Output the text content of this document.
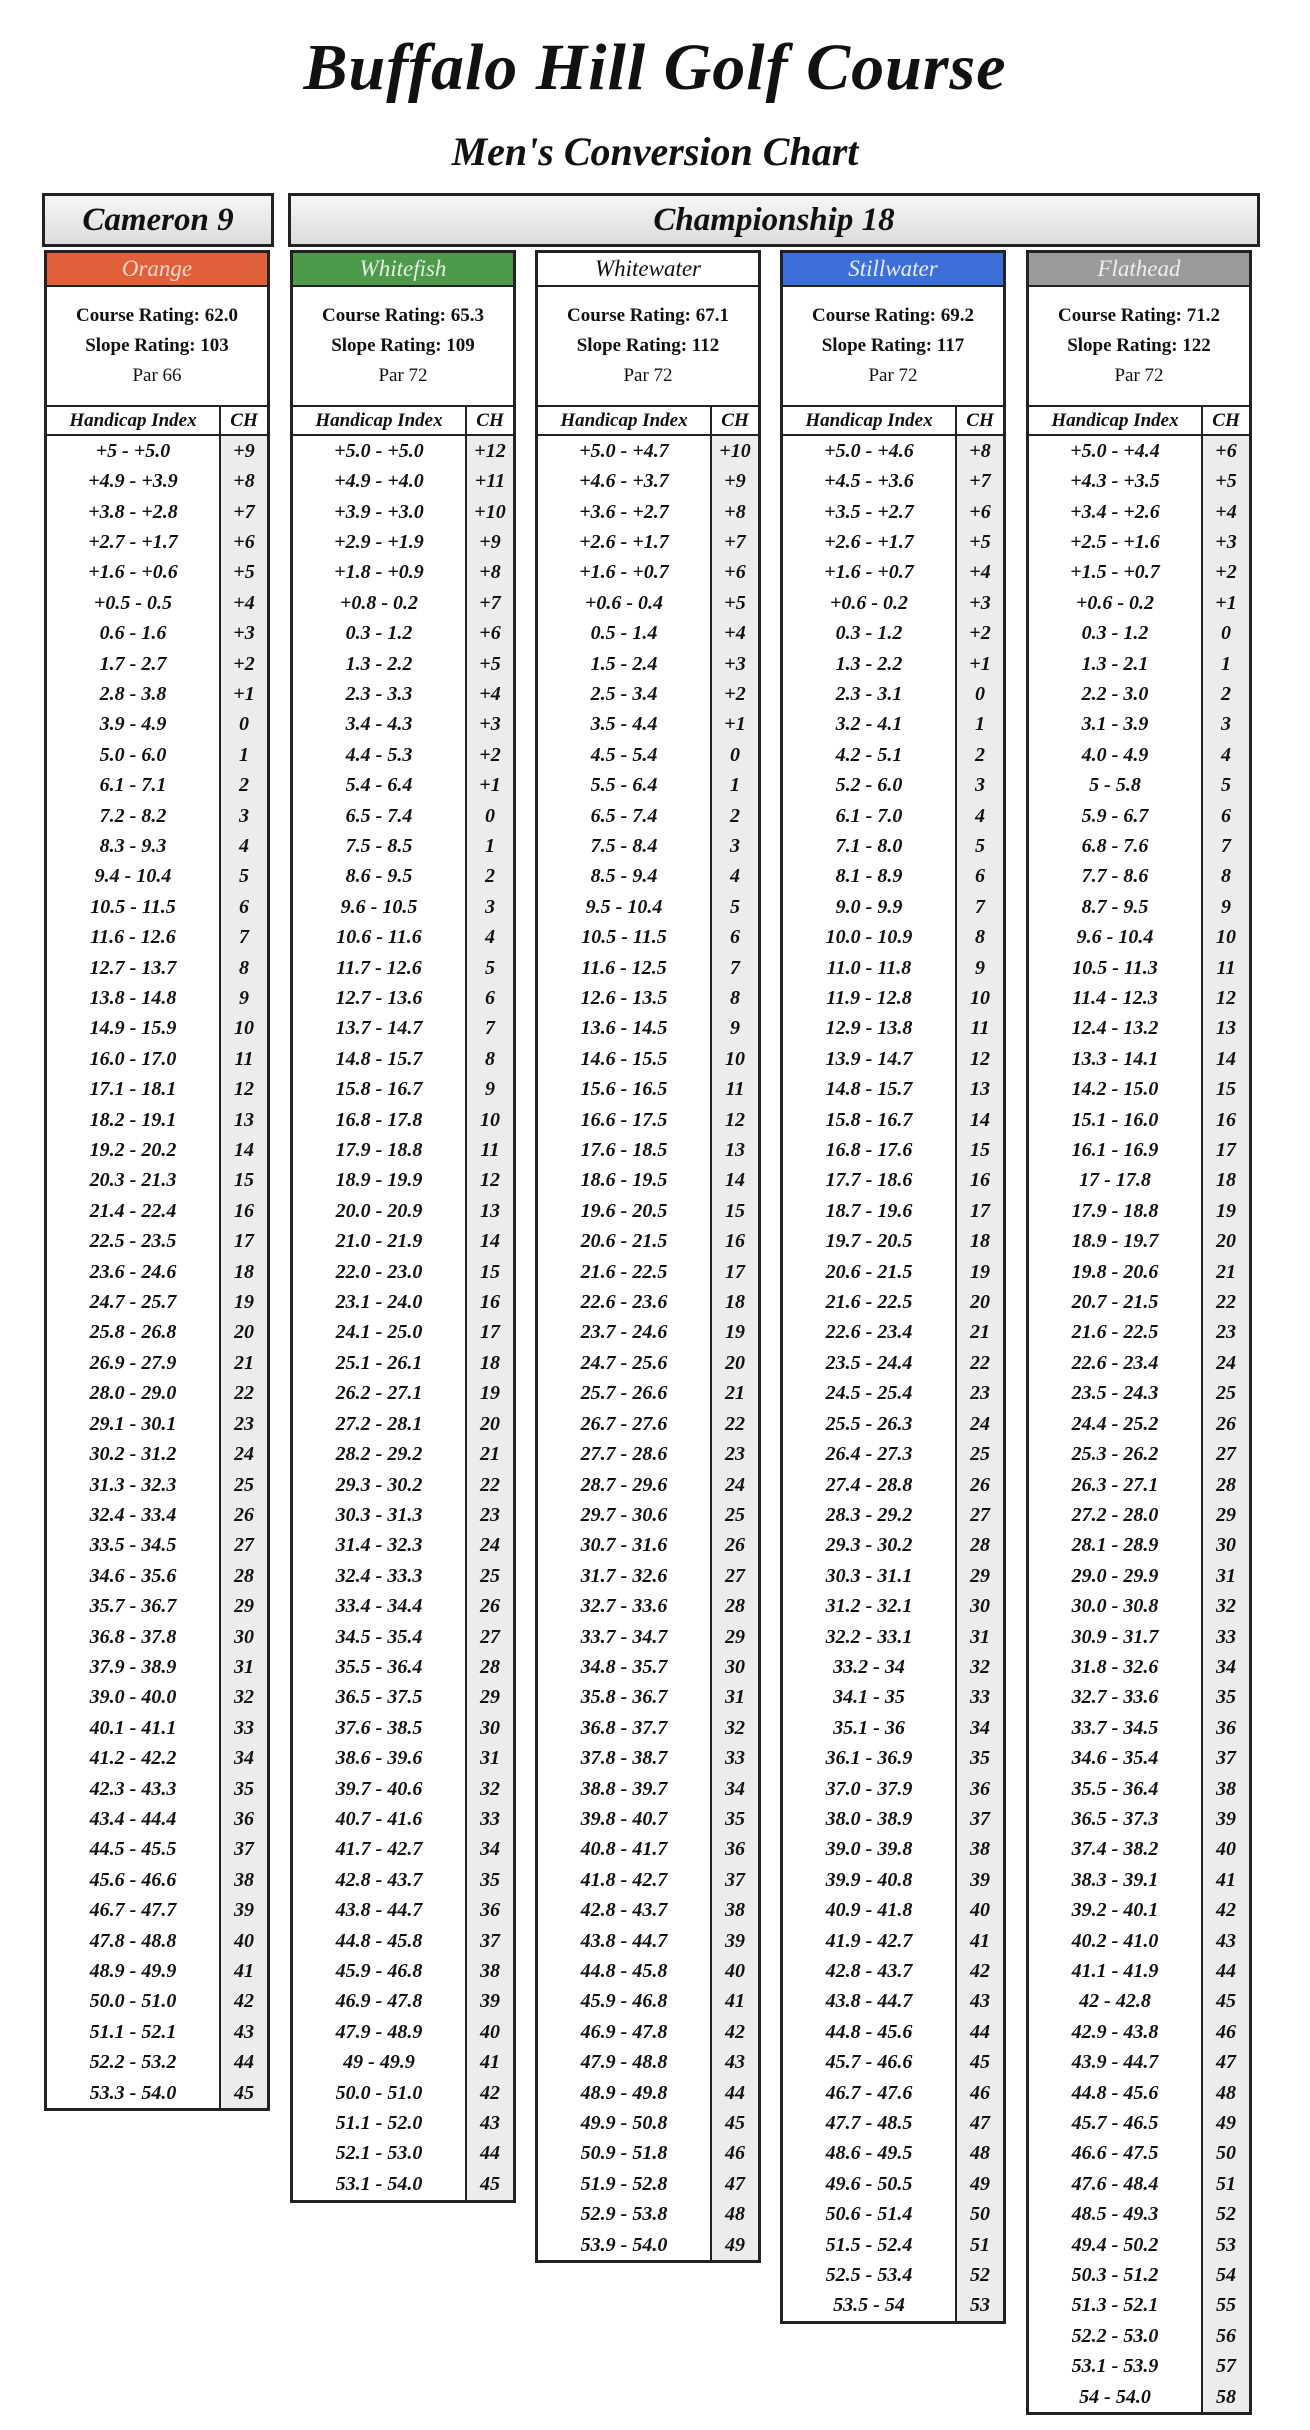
Buffalo Hill Golf Course
Men's Conversion Chart
Cameron 9	Championship 18
Orange
Course Rating: 62.0
Slope Rating: 103
Par 66
Handicap Index	CH
+5 - +5.0	+9
+4.9 - +3.9	+8
+3.8 - +2.8	+7
+2.7 - +1.7	+6
+1.6 - +0.6	+5
+0.5 - 0.5	+4
0.6 - 1.6	+3
1.7 - 2.7	+2
2.8 - 3.8	+1
3.9 - 4.9	0
5.0 - 6.0	1
6.1 - 7.1	2
7.2 - 8.2	3
8.3 - 9.3	4
9.4 - 10.4	5
10.5 - 11.5	6
11.6 - 12.6	7
12.7 - 13.7	8
13.8 - 14.8	9
14.9 - 15.9	10
16.0 - 17.0	11
17.1 - 18.1	12
18.2 - 19.1	13
19.2 - 20.2	14
20.3 - 21.3	15
21.4 - 22.4	16
22.5 - 23.5	17
23.6 - 24.6	18
24.7 - 25.7	19
25.8 - 26.8	20
26.9 - 27.9	21
28.0 - 29.0	22
29.1 - 30.1	23
30.2 - 31.2	24
31.3 - 32.3	25
32.4 - 33.4	26
33.5 - 34.5	27
34.6 - 35.6	28
35.7 - 36.7	29
36.8 - 37.8	30
37.9 - 38.9	31
39.0 - 40.0	32
40.1 - 41.1	33
41.2 - 42.2	34
42.3 - 43.3	35
43.4 - 44.4	36
44.5 - 45.5	37
45.6 - 46.6	38
46.7 - 47.7	39
47.8 - 48.8	40
48.9 - 49.9	41
50.0 - 51.0	42
51.1 - 52.1	43
52.2 - 53.2	44
53.3 - 54.0	45
Whitefish
Course Rating: 65.3
Slope Rating: 109
Par 72
Handicap Index	CH
+5.0 - +5.0	+12
+4.9 - +4.0	+11
+3.9 - +3.0	+10
+2.9 - +1.9	+9
+1.8 - +0.9	+8
+0.8 - 0.2	+7
0.3 - 1.2	+6
1.3 - 2.2	+5
2.3 - 3.3	+4
3.4 - 4.3	+3
4.4 - 5.3	+2
5.4 - 6.4	+1
6.5 - 7.4	0
7.5 - 8.5	1
8.6 - 9.5	2
9.6 - 10.5	3
10.6 - 11.6	4
11.7 - 12.6	5
12.7 - 13.6	6
13.7 - 14.7	7
14.8 - 15.7	8
15.8 - 16.7	9
16.8 - 17.8	10
17.9 - 18.8	11
18.9 - 19.9	12
20.0 - 20.9	13
21.0 - 21.9	14
22.0 - 23.0	15
23.1 - 24.0	16
24.1 - 25.0	17
25.1 - 26.1	18
26.2 - 27.1	19
27.2 - 28.1	20
28.2 - 29.2	21
29.3 - 30.2	22
30.3 - 31.3	23
31.4 - 32.3	24
32.4 - 33.3	25
33.4 - 34.4	26
34.5 - 35.4	27
35.5 - 36.4	28
36.5 - 37.5	29
37.6 - 38.5	30
38.6 - 39.6	31
39.7 - 40.6	32
40.7 - 41.6	33
41.7 - 42.7	34
42.8 - 43.7	35
43.8 - 44.7	36
44.8 - 45.8	37
45.9 - 46.8	38
46.9 - 47.8	39
47.9 - 48.9	40
49 - 49.9	41
50.0 - 51.0	42
51.1 - 52.0	43
52.1 - 53.0	44
53.1 - 54.0	45
Whitewater
Course Rating: 67.1
Slope Rating: 112
Par 72
Handicap Index	CH
+5.0 - +4.7	+10
+4.6 - +3.7	+9
+3.6 - +2.7	+8
+2.6 - +1.7	+7
+1.6 - +0.7	+6
+0.6 - 0.4	+5
0.5 - 1.4	+4
1.5 - 2.4	+3
2.5 - 3.4	+2
3.5 - 4.4	+1
4.5 - 5.4	0
5.5 - 6.4	1
6.5 - 7.4	2
7.5 - 8.4	3
8.5 - 9.4	4
9.5 - 10.4	5
10.5 - 11.5	6
11.6 - 12.5	7
12.6 - 13.5	8
13.6 - 14.5	9
14.6 - 15.5	10
15.6 - 16.5	11
16.6 - 17.5	12
17.6 - 18.5	13
18.6 - 19.5	14
19.6 - 20.5	15
20.6 - 21.5	16
21.6 - 22.5	17
22.6 - 23.6	18
23.7 - 24.6	19
24.7 - 25.6	20
25.7 - 26.6	21
26.7 - 27.6	22
27.7 - 28.6	23
28.7 - 29.6	24
29.7 - 30.6	25
30.7 - 31.6	26
31.7 - 32.6	27
32.7 - 33.6	28
33.7 - 34.7	29
34.8 - 35.7	30
35.8 - 36.7	31
36.8 - 37.7	32
37.8 - 38.7	33
38.8 - 39.7	34
39.8 - 40.7	35
40.8 - 41.7	36
41.8 - 42.7	37
42.8 - 43.7	38
43.8 - 44.7	39
44.8 - 45.8	40
45.9 - 46.8	41
46.9 - 47.8	42
47.9 - 48.8	43
48.9 - 49.8	44
49.9 - 50.8	45
50.9 - 51.8	46
51.9 - 52.8	47
52.9 - 53.8	48
53.9 - 54.0	49
Stillwater
Course Rating: 69.2
Slope Rating: 117
Par 72
Handicap Index	CH
+5.0 - +4.6	+8
+4.5 - +3.6	+7
+3.5 - +2.7	+6
+2.6 - +1.7	+5
+1.6 - +0.7	+4
+0.6 - 0.2	+3
0.3 - 1.2	+2
1.3 - 2.2	+1
2.3 - 3.1	0
3.2 - 4.1	1
4.2 - 5.1	2
5.2 - 6.0	3
6.1 - 7.0	4
7.1 - 8.0	5
8.1 - 8.9	6
9.0 - 9.9	7
10.0 - 10.9	8
11.0 - 11.8	9
11.9 - 12.8	10
12.9 - 13.8	11
13.9 - 14.7	12
14.8 - 15.7	13
15.8 - 16.7	14
16.8 - 17.6	15
17.7 - 18.6	16
18.7 - 19.6	17
19.7 - 20.5	18
20.6 - 21.5	19
21.6 - 22.5	20
22.6 - 23.4	21
23.5 - 24.4	22
24.5 - 25.4	23
25.5 - 26.3	24
26.4 - 27.3	25
27.4 - 28.8	26
28.3 - 29.2	27
29.3 - 30.2	28
30.3 - 31.1	29
31.2 - 32.1	30
32.2 - 33.1	31
33.2 - 34	32
34.1 - 35	33
35.1 - 36	34
36.1 - 36.9	35
37.0 - 37.9	36
38.0 - 38.9	37
39.0 - 39.8	38
39.9 - 40.8	39
40.9 - 41.8	40
41.9 - 42.7	41
42.8 - 43.7	42
43.8 - 44.7	43
44.8 - 45.6	44
45.7 - 46.6	45
46.7 - 47.6	46
47.7 - 48.5	47
48.6 - 49.5	48
49.6 - 50.5	49
50.6 - 51.4	50
51.5 - 52.4	51
52.5 - 53.4	52
53.5 - 54	53
Flathead
Course Rating: 71.2
Slope Rating: 122
Par 72
Handicap Index	CH
+5.0 - +4.4	+6
+4.3 - +3.5	+5
+3.4 - +2.6	+4
+2.5 - +1.6	+3
+1.5 - +0.7	+2
+0.6 - 0.2	+1
0.3 - 1.2	0
1.3 - 2.1	1
2.2 - 3.0	2
3.1 - 3.9	3
4.0 - 4.9	4
5 - 5.8	5
5.9 - 6.7	6
6.8 - 7.6	7
7.7 - 8.6	8
8.7 - 9.5	9
9.6 - 10.4	10
10.5 - 11.3	11
11.4 - 12.3	12
12.4 - 13.2	13
13.3 - 14.1	14
14.2 - 15.0	15
15.1 - 16.0	16
16.1 - 16.9	17
17 - 17.8	18
17.9 - 18.8	19
18.9 - 19.7	20
19.8 - 20.6	21
20.7 - 21.5	22
21.6 - 22.5	23
22.6 - 23.4	24
23.5 - 24.3	25
24.4 - 25.2	26
25.3 - 26.2	27
26.3 - 27.1	28
27.2 - 28.0	29
28.1 - 28.9	30
29.0 - 29.9	31
30.0 - 30.8	32
30.9 - 31.7	33
31.8 - 32.6	34
32.7 - 33.6	35
33.7 - 34.5	36
34.6 - 35.4	37
35.5 - 36.4	38
36.5 - 37.3	39
37.4 - 38.2	40
38.3 - 39.1	41
39.2 - 40.1	42
40.2 - 41.0	43
41.1 - 41.9	44
42 - 42.8	45
42.9 - 43.8	46
43.9 - 44.7	47
44.8 - 45.6	48
45.7 - 46.5	49
46.6 - 47.5	50
47.6 - 48.4	51
48.5 - 49.3	52
49.4 - 50.2	53
50.3 - 51.2	54
51.3 - 52.1	55
52.2 - 53.0	56
53.1 - 53.9	57
54 - 54.0	58
